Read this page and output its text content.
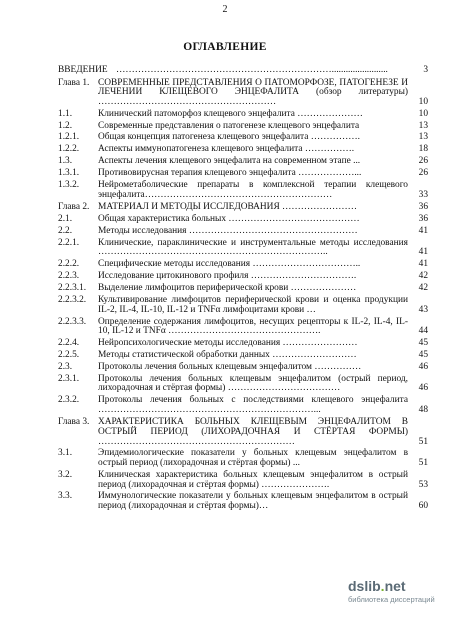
2
ОГЛАВЛЕНИЕ
ВВЕДЕНИЕ ……………………………………………………………........................	3
Глава 1. СОВРЕМЕННЫЕ ПРЕДСТАВЛЕНИЯ О ПАТОМОРФОЗЕ, ПАТОГЕНЕЗЕ И ЛЕЧЕНИИ КЛЕЩЕВОГО ЭНЦЕФАЛИТА (обзор литературы) …………………………………………………	10
1.1.	Клинический патоморфоз клещевого энцефалита …………………	10
1.2.	Современные представления о патогенезе клещевого энцефалита	13
1.2.1. Общая концепция патогенеза клещевого энцефалита …………….	13
1.2.2. Аспекты иммунопатогенеза клещевого энцефалита …………….	18
1.3.	Аспекты лечения клещевого энцефалита на современном этапе ...	26
1.3.1. Противовирусная терапия клещевого энцефалита ………………...	26
1.3.2. Нейрометаболические препараты в комплексной терапии клещевого энцефалита……………………………………………………	33
Глава 2. МАТЕРИАЛ И МЕТОДЫ ИССЛЕДОВАНИЯ ……………………	36
2.1.	Общая характеристика больных ……………………………………	36
2.2.	Методы исследования ………………………………………………	41
2.2.1. Клинические, параклинические и инструментальные методы исследования ………………………………………………………………..	41
2.2.2. Специфические методы исследования ……………………………..	41
2.2.3. Исследование цитокинового профиля …………………………….	42
2.2.3.1. Выделение лимфоцитов периферической крови …………………	42
2.2.3.2. Культивирование лимфоцитов периферической крови и оценка продукции IL-2, IL-4, IL-10, IL-12 и TNFα лимфоцитами крови …	43
2.2.3.3. Определение содержания лимфоцитов, несущих рецепторы к IL-2, IL-4, IL-10, IL-12 и TNFα ………………………………………….	44
2.2.4. Нейропсихологические методы исследования ……………………	45
2.2.5. Методы статистической обработки данных ………………………	45
2.3.	Протоколы лечения больных клещевым энцефалитом ……………	46
2.3.1. Протоколы лечения больных клещевым энцефалитом (острый период, лихорадочная и стёртая формы) ………………………………	46
2.3.2. Протоколы лечения больных с последствиями клещевого энцефалита ……………………………………………………………...	48
Глава 3. ХАРАКТЕРИСТИКА БОЛЬНЫХ КЛЕЩЕВЫМ ЭНЦЕФАЛИТОМ В ОСТРЫЙ ПЕРИОД (ЛИХОРАДОЧНАЯ И СТЁРТАЯ ФОРМЫ) ………………………………………………………	51
3.1.	Эпидемиологические показатели у больных клещевым энцефалитом в острый период (лихорадочная и стёртая формы) ...	51
3.2.	Клиническая характеристика больных клещевым энцефалитом в острый период (лихорадочная и стёртая формы) ………………….	53
3.3.	Иммунологические показатели у больных клещевым энцефалитом в острый период (лихорадочная и стёртая формы)…	60
dslib.net
библиотека диссертаций
